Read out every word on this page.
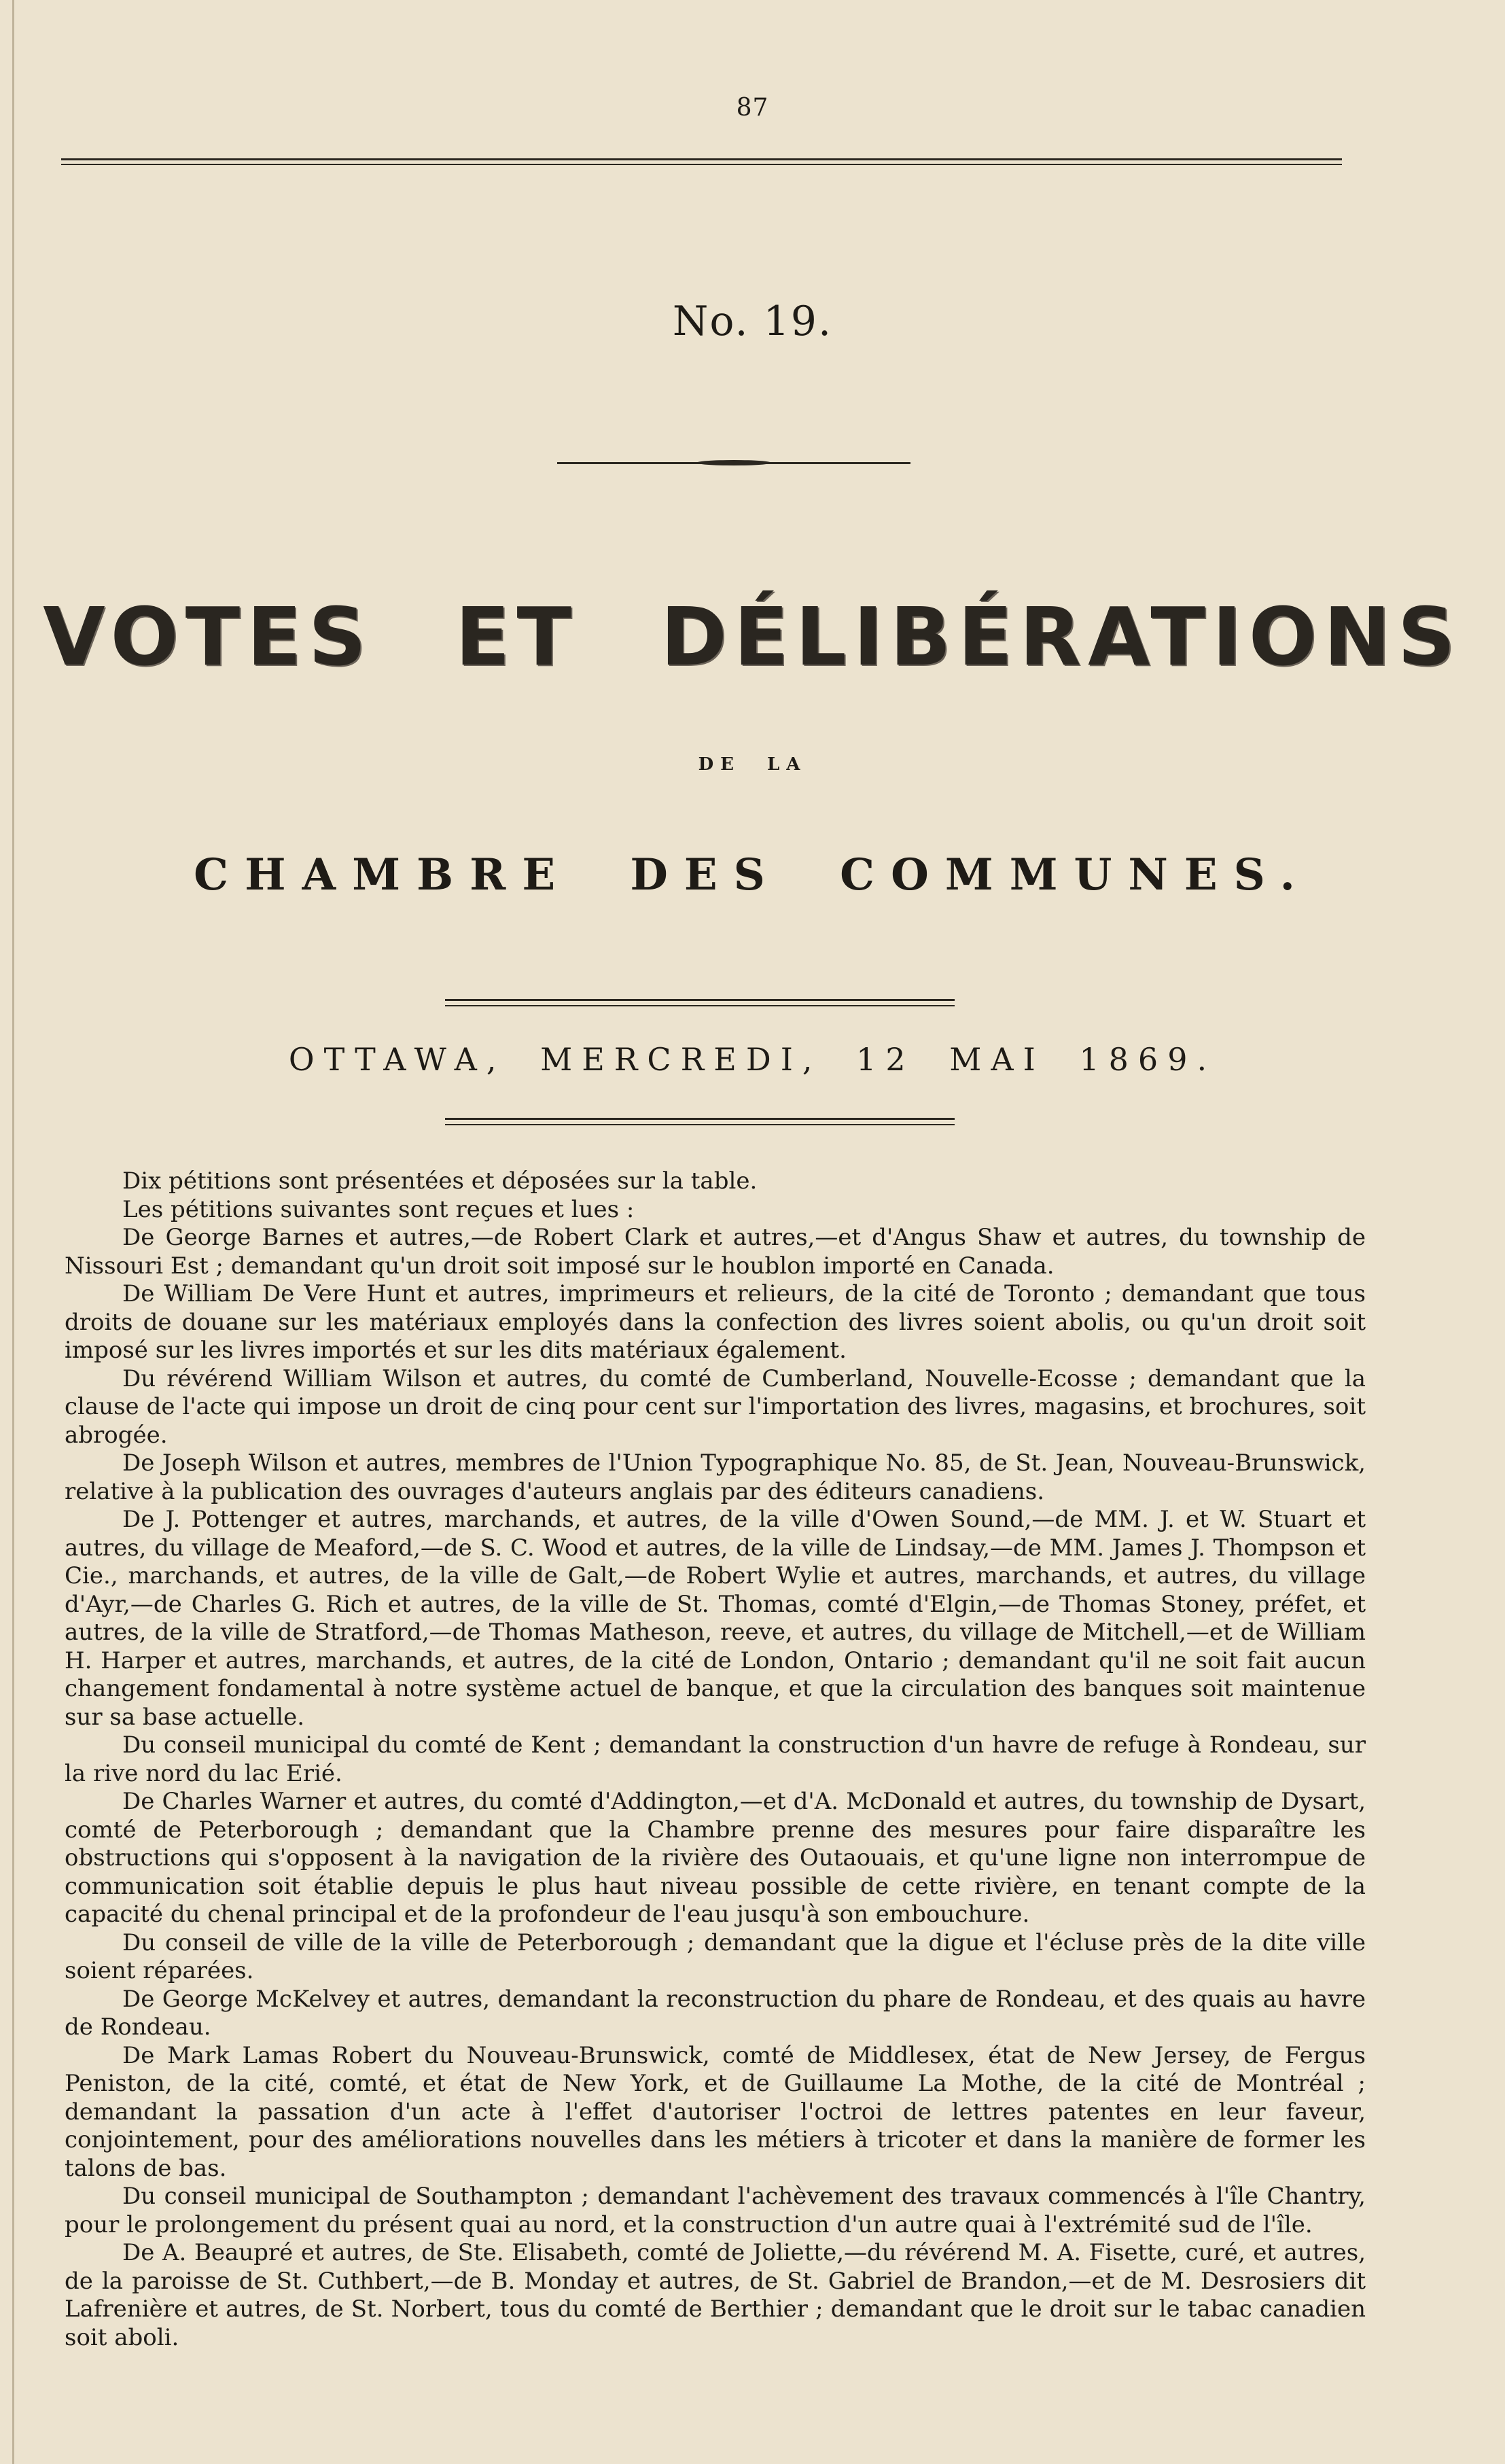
87
No. 19.
VOTES ET DÉLIBÉRATIONS
DE LA
CHAMBRE DES COMMUNES.
OTTAWA, MERCREDI, 12 MAI 1869.

Dix pétitions sont présentées et déposées sur la table.

Les pétitions suivantes sont reçues et lues :

De George Barnes et autres,—de Robert Clark et autres,—et d'Angus Shaw et autres, du township de Nissouri Est ; demandant qu'un droit soit imposé sur le houblon importé en Canada.

De William De Vere Hunt et autres, imprimeurs et relieurs, de la cité de Toronto ; demandant que tous droits de douane sur les matériaux employés dans la confection des livres soient abolis, ou qu'un droit soit imposé sur les livres importés et sur les dits matériaux également.

Du révérend William Wilson et autres, du comté de Cumberland, Nouvelle-Ecosse ; demandant que la clause de l'acte qui impose un droit de cinq pour cent sur l'importation des livres, magasins, et brochures, soit abrogée.

De Joseph Wilson et autres, membres de l'Union Typographique No. 85, de St. Jean, Nouveau-Brunswick, relative à la publication des ouvrages d'auteurs anglais par des éditeurs canadiens.

De J. Pottenger et autres, marchands, et autres, de la ville d'Owen Sound,—de MM. J. et W. Stuart et autres, du village de Meaford,—de S. C. Wood et autres, de la ville de Lindsay,—de MM. James J. Thompson et Cie., marchands, et autres, de la ville de Galt,—de Robert Wylie et autres, marchands, et autres, du village d'Ayr,—de Charles G. Rich et autres, de la ville de St. Thomas, comté d'Elgin,—de Thomas Stoney, préfet, et autres, de la ville de Stratford,—de Thomas Matheson, reeve, et autres, du village de Mitchell,—et de William H. Harper et autres, marchands, et autres, de la cité de London, Ontario ; demandant qu'il ne soit fait aucun changement fondamental à notre système actuel de banque, et que la circulation des banques soit maintenue sur sa base actuelle.

Du conseil municipal du comté de Kent ; demandant la construction d'un havre de refuge à Rondeau, sur la rive nord du lac Erié.

De Charles Warner et autres, du comté d'Addington,—et d'A. McDonald et autres, du township de Dysart, comté de Peterborough ; demandant que la Chambre prenne des mesures pour faire disparaître les obstructions qui s'opposent à la navigation de la rivière des Outaouais, et qu'une ligne non interrompue de communication soit établie depuis le plus haut niveau possible de cette rivière, en tenant compte de la capacité du chenal principal et de la profondeur de l'eau jusqu'à son embouchure.

Du conseil de ville de la ville de Peterborough ; demandant que la digue et l'écluse près de la dite ville soient réparées.

De George McKelvey et autres, demandant la reconstruction du phare de Rondeau, et des quais au havre de Rondeau.

De Mark Lamas Robert du Nouveau-Brunswick, comté de Middlesex, état de New Jersey, de Fergus Peniston, de la cité, comté, et état de New York, et de Guillaume La Mothe, de la cité de Montréal ; demandant la passation d'un acte à l'effet d'autoriser l'octroi de lettres patentes en leur faveur, conjointement, pour des améliorations nouvelles dans les métiers à tricoter et dans la manière de former les talons de bas.

Du conseil municipal de Southampton ; demandant l'achèvement des travaux commencés à l'île Chantry, pour le prolongement du présent quai au nord, et la construction d'un autre quai à l'extrémité sud de l'île.

De A. Beaupré et autres, de Ste. Elisabeth, comté de Joliette,—du révérend M. A. Fisette, curé, et autres, de la paroisse de St. Cuthbert,—de B. Monday et autres, de St. Gabriel de Brandon,—et de M. Desrosiers dit Lafrenière et autres, de St. Norbert, tous du comté de Berthier ; demandant que le droit sur le tabac canadien soit aboli.
